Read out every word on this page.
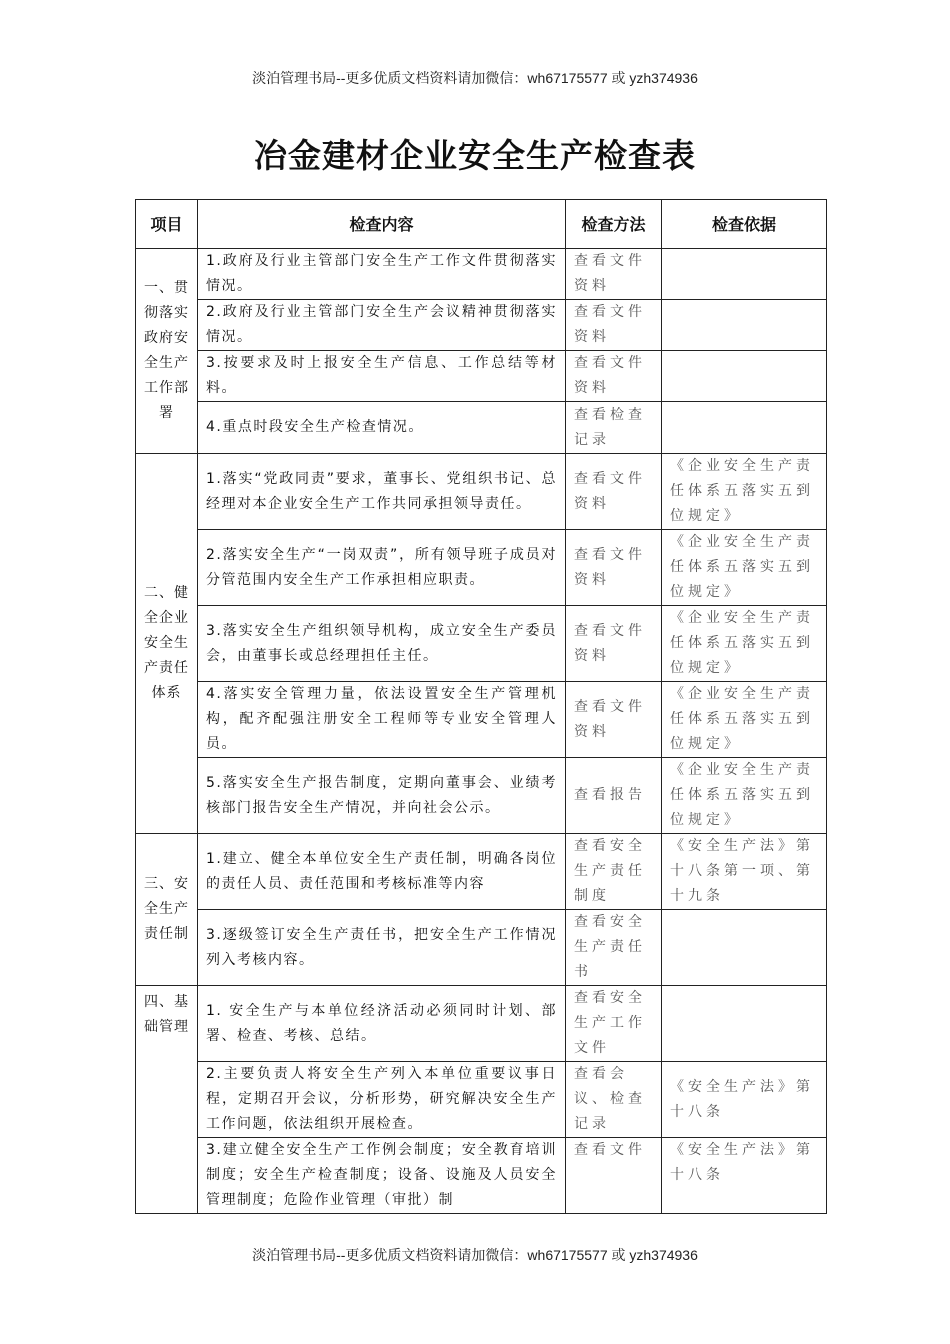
淡泊管理书局--更多优质文档资料请加微信：wh67175577 或 yzh374936
冶金建材企业安全生产检查表
项目	检查内容	检查方法	检查依据
一、贯彻落实政府安全生产工作部署	1.政府及行业主管部门安全生产工作文件贯彻落实情况。	查看文件资料	
	2.政府及行业主管部门安全生产会议精神贯彻落实情况。	查看文件资料	
	3.按要求及时上报安全生产信息、工作总结等材料。	查看文件资料	
	4.重点时段安全生产检查情况。	查看检查记录	
二、健全企业安全生产责任体系	1.落实“党政同责”要求，董事长、党组织书记、总经理对本企业安全生产工作共同承担领导责任。	查看文件资料	《企业安全生产责任体系五落实五到位规定》
	2.落实安全生产“一岗双责”，所有领导班子成员对分管范围内安全生产工作承担相应职责。	查看文件资料	《企业安全生产责任体系五落实五到位规定》
	3.落实安全生产组织领导机构，成立安全生产委员会，由董事长或总经理担任主任。	查看文件资料	《企业安全生产责任体系五落实五到位规定》
	4.落实安全管理力量，依法设置安全生产管理机构，配齐配强注册安全工程师等专业安全管理人员。	查看文件资料	《企业安全生产责任体系五落实五到位规定》
	5.落实安全生产报告制度，定期向董事会、业绩考核部门报告安全生产情况，并向社会公示。	查看报告	《企业安全生产责任体系五落实五到位规定》
三、安全生产责任制	1.建立、健全本单位安全生产责任制，明确各岗位的责任人员、责任范围和考核标准等内容	查看安全生产责任制度	《安全生产法》第十八条第一项、第十九条
	3.逐级签订安全生产责任书，把安全生产工作情况列入考核内容。	查看安全生产责任书	
四、基础管理	1. 安全生产与本单位经济活动必须同时计划、部署、检查、考核、总结。	查看安全生产工作文件	
	2.主要负责人将安全生产列入本单位重要议事日程，定期召开会议，分析形势，研究解决安全生产工作问题，依法组织开展检查。	查看会议、检查记录	《安全生产法》第十八条
	3.建立健全安全生产工作例会制度；安全教育培训制度；安全生产检查制度；设备、设施及人员安全管理制度；危险作业管理（审批）制	查看文件	《安全生产法》第十八条
淡泊管理书局--更多优质文档资料请加微信：wh67175577 或 yzh374936
